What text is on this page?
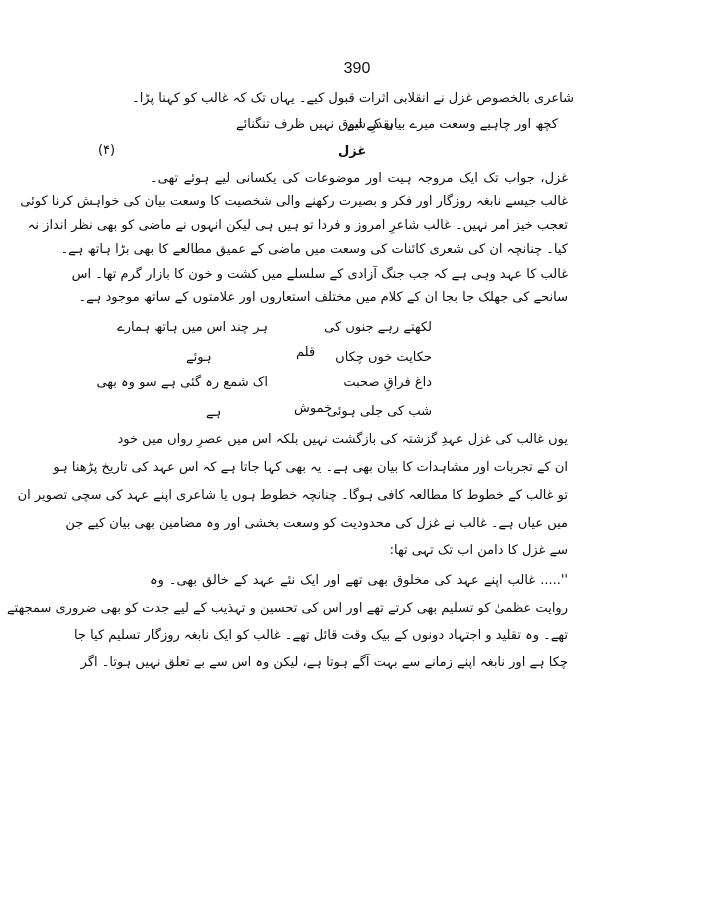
390
شاعری بالخصوص غزل نے انقلابی اثرات قبول کیے۔ یہاں تک کہ غالب کو کہنا پڑا۔
کچھ اور چاہیے وسعت میرے بیاں کے لیے
بقدرِ شوق نہیں ظرف تنگنائے
غزل
(۴)
غزل، جواب تک ایک مروجہ ہیت اور موضوعات کی یکسانی لیے ہوئے تھی۔
غالب جیسے نابغہ روزگار اور فکر و بصیرت رکھنے والی شخصیت کا وسعت بیان کی خواہش کرنا کوئی
تعجب خیز امر نہیں۔ غالب شاعرِ امروز و فردا تو ہیں ہی لیکن انہوں نے ماضی کو بھی نظر انداز نہ
کیا۔ چنانچہ ان کی شعری کائنات کی وسعت میں ماضی کے عمیق مطالعے کا بھی بڑا ہاتھ ہے۔
غالب کا عہد وہی ہے کہ جب جنگ آزادی کے سلسلے میں کشت و خون کا بازار گرم تھا۔ اس
سانحے کی جھلک جا بجا ان کے کلام میں مختلف استعاروں اور علامتوں کے ساتھ موجود ہے۔
لکھتے رہے جنوں کی
ہر چند اس میں ہاتھ ہمارے
حکایت خوں چکاں
قلم
ہوئے
داغ فراقِ صحبت
اک شمع رہ گئی ہے سو وہ بھی
شب کی جلی ہوئی
خموش
ہے
یوں غالب کی غزل عہدِ گزشتہ کی بازگشت نہیں بلکہ اس میں عصرِ رواں میں خود
ان کے تجربات اور مشاہدات کا بیان بھی ہے۔ یہ بھی کہا جاتا ہے کہ اس عہد کی تاریخ پڑھنا ہو
تو غالب کے خطوط کا مطالعہ کافی ہوگا۔ چنانچہ خطوط ہوں یا شاعری اپنے عہد کی سچی تصویر ان
میں عیاں ہے۔ غالب نے غزل کی محدودیت کو وسعت بخشی اور وہ مضامین بھی بیان کیے جن
سے غزل کا دامن اب تک تہی تھا:
''..... غالب اپنے عہد کی مخلوق بھی تھے اور ایک نئے عہد کے خالق بھی۔ وہ
روایت عظمیٰ کو تسلیم بھی کرتے تھے اور اس کی تحسین و تہذیب کے لیے جدت کو بھی ضروری سمجھتے
تھے۔ وہ تقلید و اجتہاد دونوں کے بیک وقت قائل تھے۔ غالب کو ایک نابغہ روزگار تسلیم کیا جا
چکا ہے اور نابغہ اپنے زمانے سے بہت آگے ہوتا ہے، لیکن وہ اس سے بے تعلق نہیں ہوتا۔ اگر
